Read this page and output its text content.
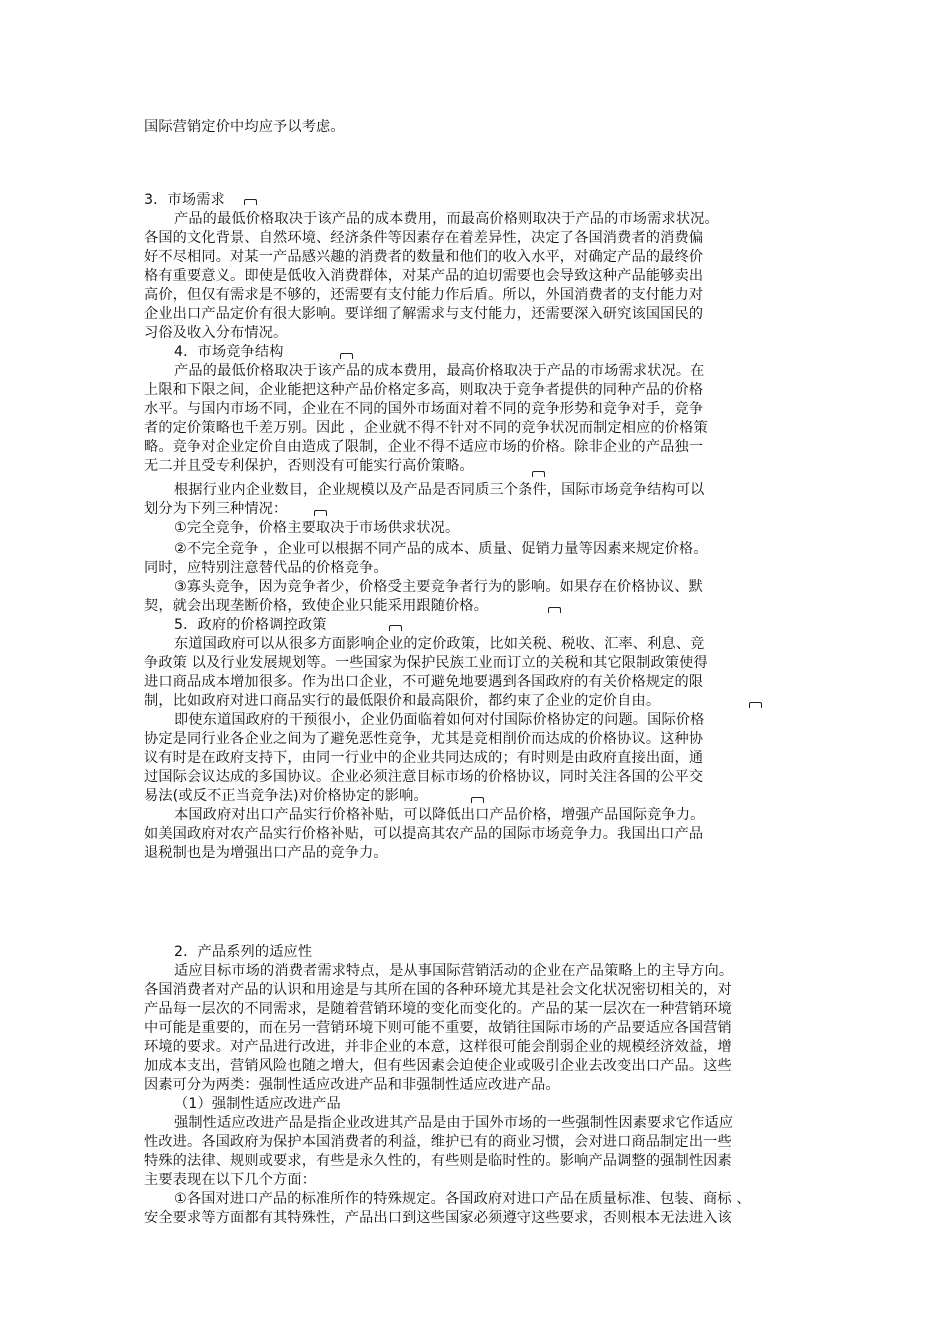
国际营销定价中均应予以考虑。
3．市场需求
产品的最低价格取决于该产品的成本费用，而最高价格则取决于产品的市场需求状况。
各国的文化背景、自然环境、经济条件等因素存在着差异性，决定了各国消费者的消费偏
好不尽相同。对某一产品感兴趣的消费者的数量和他们的收入水平，对确定产品的最终价
格有重要意义。即使是低收入消费群体，对某产品的迫切需要也会导致这种产品能够卖出
高价，但仅有需求是不够的，还需要有支付能力作后盾。所以，外国消费者的支付能力对
企业出口产品定价有很大影响。要详细了解需求与支付能力，还需要深入研究该国国民的
习俗及收入分布情况。
4．市场竞争结构
产品的最低价格取决于该产品的成本费用，最高价格取决于产品的市场需求状况。在
上限和下限之间，企业能把这种产品价格定多高，则取决于竞争者提供的同种产品的价格
水平。与国内市场不同，企业在不同的国外市场面对着不同的竞争形势和竞争对手，竞争
者的定价策略也千差万别。因此 ，企业就不得不针对不同的竞争状况而制定相应的价格策
略。竞争对企业定价自由造成了限制，企业不得不适应市场的价格。除非企业的产品独一
无二并且受专利保护，否则没有可能实行高价策略。
根据行业内企业数目，企业规模以及产品是否同质三个条件，国际市场竞争结构可以
划分为下列三种情况：
①完全竞争，价格主要取决于市场供求状况。
②不完全竞争 ，企业可以根据不同产品的成本、质量、促销力量等因素来规定价格。
同时，应特别注意替代品的价格竞争。
③寡头竞争，因为竞争者少，价格受主要竞争者行为的影响。如果存在价格协议、默
契，就会出现垄断价格，致使企业只能采用跟随价格。
5．政府的价格调控政策
东道国政府可以从很多方面影响企业的定价政策，比如关税、税收、汇率、利息、竞
争政策 以及行业发展规划等。一些国家为保护民族工业而订立的关税和其它限制政策使得
进口商品成本增加很多。作为出口企业，不可避免地要遇到各国政府的有关价格规定的限
制，比如政府对进口商品实行的最低限价和最高限价，都约束了企业的定价自由。
即使东道国政府的干预很小，企业仍面临着如何对付国际价格协定的问题。国际价格
协定是同行业各企业之间为了避免恶性竞争，尤其是竞相削价而达成的价格协议。这种协
议有时是在政府支持下，由同一行业中的企业共同达成的；有时则是由政府直接出面，通
过国际会议达成的多国协议。企业必须注意目标市场的价格协议，同时关注各国的公平交
易法(或反不正当竞争法)对价格协定的影响。
本国政府对出口产品实行价格补贴，可以降低出口产品价格，增强产品国际竞争力。
如美国政府对农产品实行价格补贴，可以提高其农产品的国际市场竞争力。我国出口产品
退税制也是为增强出口产品的竞争力。
2．产品系列的适应性
适应目标市场的消费者需求特点，是从事国际营销活动的企业在产品策略上的主导方向。
各国消费者对产品的认识和用途是与其所在国的各种环境尤其是社会文化状况密切相关的，对
产品每一层次的不同需求，是随着营销环境的变化而变化的。产品的某一层次在一种营销环境
中可能是重要的，而在另一营销环境下则可能不重要，故销往国际市场的产品要适应各国营销
环境的要求。对产品进行改进，并非企业的本意，这样很可能会削弱企业的规模经济效益，增
加成本支出，营销风险也随之增大，但有些因素会迫使企业或吸引企业去改变出口产品。这些
因素可分为两类：强制性适应改进产品和非强制性适应改进产品。
（1）强制性适应改进产品
强制性适应改进产品是指企业改进其产品是由于国外市场的一些强制性因素要求它作适应
性改进。各国政府为保护本国消费者的利益，维护已有的商业习惯，会对进口商品制定出一些
特殊的法律、规则或要求，有些是永久性的，有些则是临时性的。影响产品调整的强制性因素
主要表现在以下几个方面：
①各国对进口产品的标准所作的特殊规定。各国政府对进口产品在质量标准、包装、商标 、
安全要求等方面都有其特殊性，产品出口到这些国家必须遵守这些要求，否则根本无法进入该
